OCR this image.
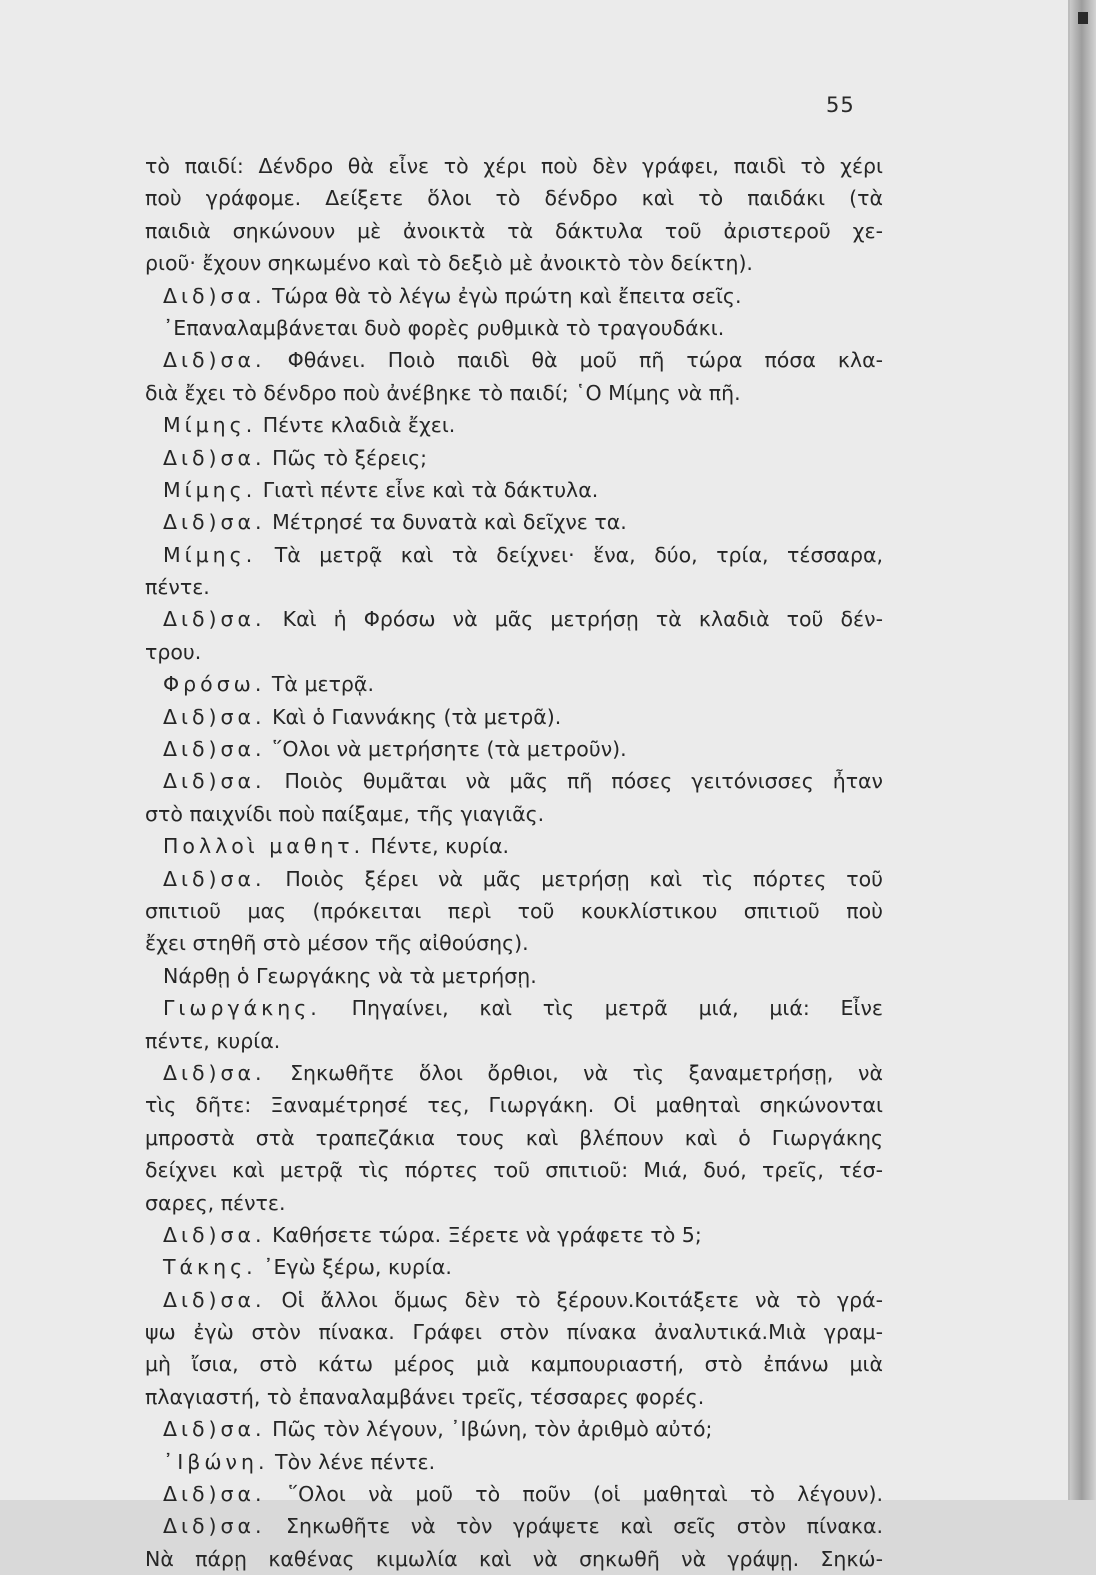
55
τὸ παιδί: Δένδρο θὰ εἶνε τὸ χέρι ποὺ δὲν γράφει, παιδὶ τὸ χέρι
ποὺ γράφομε. Δείξετε ὅλοι τὸ δένδρο καὶ τὸ παιδάκι (τὰ
παιδιὰ σηκώνουν μὲ ἀνοικτὰ τὰ δάκτυλα τοῦ ἀριστεροῦ χε-
ριοῦ· ἔχουν σηκωμένο καὶ τὸ δεξιὸ μὲ ἀνοικτὸ τὸν δείκτη).
Διδ)σα. Τώρα θὰ τὸ λέγω ἐγὼ πρώτη καὶ ἔπειτα σεῖς.
᾿Επαναλαμβάνεται δυὸ φορὲς ρυθμικὰ τὸ τραγουδάκι.
Διδ)σα. Φθάνει. Ποιὸ παιδὶ θὰ μοῦ πῆ τώρα πόσα κλα-
διὰ ἔχει τὸ δένδρο ποὺ ἀνέβηκε τὸ παιδί; ῾Ο Μίμης νὰ πῆ.
Μίμης. Πέντε κλαδιὰ ἔχει.
Διδ)σα. Πῶς τὸ ξέρεις;
Μίμης. Γιατὶ πέντε εἶνε καὶ τὰ δάκτυλα.
Διδ)σα. Μέτρησέ τα δυνατὰ καὶ δεῖχνε τα.
Μίμης. Τὰ μετρᾷ καὶ τὰ δείχνει· ἕνα, δύο, τρία, τέσσαρα,
πέντε.
Διδ)σα. Καὶ ἡ Φρόσω νὰ μᾶς μετρήσῃ τὰ κλαδιὰ τοῦ δέν-
τρου.
Φρόσω. Τὰ μετρᾷ.
Διδ)σα. Καὶ ὁ Γιαννάκης (τὰ μετρᾶ).
Διδ)σα. ῞Ολοι νὰ μετρήσητε (τὰ μετροῦν).
Διδ)σα. Ποιὸς θυμᾶται νὰ μᾶς πῆ πόσες γειτόνισσες ἦταν
στὸ παιχνίδι ποὺ παίξαμε, τῆς γιαγιᾶς.
Πολλοὶ μαθητ. Πέντε, κυρία.
Διδ)σα. Ποιὸς ξέρει νὰ μᾶς μετρήσῃ καὶ τὶς πόρτες τοῦ
σπιτιοῦ μας (πρόκειται περὶ τοῦ κουκλίστικου σπιτιοῦ ποὺ
ἔχει στηθῆ στὸ μέσον τῆς αἰθούσης).
Νάρθῃ ὁ Γεωργάκης νὰ τὰ μετρήσῃ.
Γιωργάκης. Πηγαίνει, καὶ τὶς μετρᾶ μιά, μιά: Εἶνε
πέντε, κυρία.
Διδ)σα. Σηκωθῆτε ὅλοι ὄρθιοι, νὰ τὶς ξαναμετρήσῃ, νὰ
τὶς δῆτε: Ξαναμέτρησέ τες, Γιωργάκη. Οἱ μαθηταὶ σηκώνονται
μπροστὰ στὰ τραπεζάκια τους καὶ βλέπουν καὶ ὁ Γιωργάκης
δείχνει καὶ μετρᾷ τὶς πόρτες τοῦ σπιτιοῦ: Μιά, δυό, τρεῖς, τέσ-
σαρες, πέντε.
Διδ)σα. Καθήσετε τώρα. Ξέρετε νὰ γράφετε τὸ 5;
Τάκης. ᾿Εγὼ ξέρω, κυρία.
Διδ)σα. Οἱ ἄλλοι ὅμως δὲν τὸ ξέρουν.Κοιτάξετε νὰ τὸ γρά-
ψω ἐγὼ στὸν πίνακα. Γράφει στὸν πίνακα ἀναλυτικά.Μιὰ γραμ-
μὴ ἴσια, στὸ κάτω μέρος μιὰ καμπουριαστή, στὸ ἐπάνω μιὰ
πλαγιαστή, τὸ ἐπαναλαμβάνει τρεῖς, τέσσαρες φορές.
Διδ)σα. Πῶς τὸν λέγουν, ᾿Ιβώνη, τὸν ἀριθμὸ αὐτό;
᾿Ιβώνη. Τὸν λένε πέντε.
Διδ)σα. ῞Ολοι νὰ μοῦ τὸ ποῦν (οἱ μαθηταὶ τὸ λέγουν).
Διδ)σα. Σηκωθῆτε νὰ τὸν γράψετε καὶ σεῖς στὸν πίνακα.
Νὰ πάρῃ καθένας κιμωλία καὶ νὰ σηκωθῆ νὰ γράψῃ. Σηκώ-
